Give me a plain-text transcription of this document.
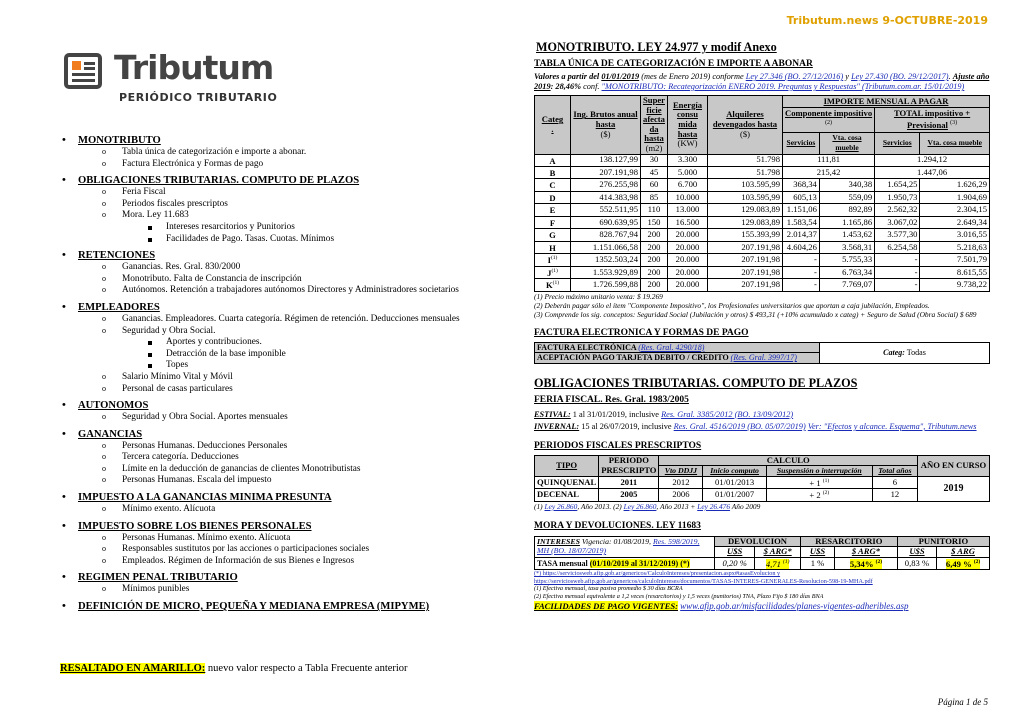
Tributum.news 9-OCTUBRE-2019
Tributum
PERIÓDICO TRIBUTARIO
• MONOTRIBUTO
o Tabla única de categorización e importe a abonar.
o Factura Electrónica y Formas de pago
• OBLIGACIONES TRIBUTARIAS. COMPUTO DE PLAZOS
o Feria Fiscal
o Periodos fiscales prescriptos
o Mora. Ley 11.683
Intereses resarcitorios y Punitorios
Facilidades de Pago. Tasas. Cuotas. Mínimos
• RETENCIONES
o Ganancias. Res. Gral. 830/2000
o Monotributo. Falta de Constancia de inscripción
o Autónomos. Retención a trabajadores autónomos Directores y Administradores societarios
• EMPLEADORES
o Ganancias. Empleadores. Cuarta categoría. Régimen de retención. Deducciones mensuales
o Seguridad y Obra Social.
Aportes y contribuciones.
Detracción de la base imponible
Topes
o Salario Mínimo Vital y Móvil
o Personal de casas particulares
• AUTONOMOS
o Seguridad y Obra Social. Aportes mensuales
• GANANCIAS
o Personas Humanas. Deducciones Personales
o Tercera categoría. Deducciones
o Límite en la deducción de ganancias de clientes Monotributistas
o Personas Humanas. Escala del impuesto
• IMPUESTO A LA GANANCIAS MINIMA PRESUNTA
o Mínimo exento. Alícuota
• IMPUESTO SOBRE LOS BIENES PERSONALES
o Personas Humanas. Mínimo exento. Alícuota
o Responsables sustitutos por las acciones o participaciones sociales
o Empleados. Régimen de Información de sus Bienes e Ingresos
• REGIMEN PENAL TRIBUTARIO
o Mínimos punibles
• DEFINICIÓN DE MICRO, PEQUEÑA Y MEDIANA EMPRESA (MIPYME)
RESALTADO EN AMARILLO: nuevo valor respecto a Tabla Frecuente anterior
MONOTRIBUTO. LEY 24.977 y modif Anexo
TABLA ÚNICA DE CATEGORIZACIÓN E IMPORTE A ABONAR
Valores a partir del 01/01/2019 (mes de Enero 2019) conforme Ley 27.346 (BO. 27/12/2016) y Ley 27.430 (BO. 29/12/2017). Ajuste año 2019: 28,46% conf. "MONOTRIBUTO: Recategorización ENERO 2019. Preguntas y Respuestas" (Tributum.com.ar. 15/01/2019)
Categ
.	Ing. Brutos anual hasta
($)	Super ficie afecta da hasta
(m2)	Energía consu mida hasta
(KW)	Alquileres devengados hasta ($)	IMPORTE MENSUAL A PAGAR			
					Componente impositivo $^{(2)}$		TOTAL impositivo + Previsional $^{(3)}$
					Servicios	Vta. cosa mueble	Servicios	Vta. cosa mueble
A	138.127,99	30	3.300	51.798	111,81		1.294,12	
B	207.191,98	45	5.000	51.798	215,42		1.447,06	
C	276.255,98	60	6.700	103.595,99	368,34	340,38	1.654,25	1.626,29
D	414.383,98	85	10.000	103.595,99	605,13	559,09	1.950,73	1.904,69
E	552.511,95	110	13.000	129.083,89	1.151,06	892,89	2.562,32	2.304,15
F	690.639,95	150	16.500	129.083,89	1.583,54	1.165,86	3.067,02	2.649,34
G	828.767,94	200	20.000	155.393,99	2.014,37	1.453,62	3.577,30	3.016,55
H	1.151.066,58	200	20.000	207.191,98	4.604,26	3.568,31	6.254,58	5.218,63
$I^{(1)}$	1352.503,24	200	20.000	207.191,98	-	5.755,33	-	7.501,79
$J^{(1)}$	1.553.929,89	200	20.000	207.191,98	-	6.763,34	-	8.615,55
$K^{(1)}$	1.726.599,88	200	20.000	207.191,98	-	7.769,07	-	9.738,22
(1) Precio máximo unitario venta: $ 19.269
(2) Deberán pagar sólo el ítem "Componente Impositivo", los Profesionales universitarios que aportan a caja jubilación, Empleados.
(3) Comprende los sig. conceptos: Seguridad Social (Jubilación y otros) $ 493,31 (+10% acumulado x categ) + Seguro de Salud (Obra Social) $ 689
FACTURA ELECTRONICA Y FORMAS DE PAGO
FACTURA ELECTRÓNICA (Res. Gral. 4290/18)	Categ: Todas
ACEPTACIÓN PAGO TARJETA DEBITO / CREDITO (Res. Gral. 3997/17)
OBLIGACIONES TRIBUTARIAS. COMPUTO DE PLAZOS
FERIA FISCAL. Res. Gral. 1983/2005
ESTIVAL: 1 al 31/01/2019, inclusive Res. Gral. 3385/2012 (BO. 13/09/2012)
INVERNAL: 15 al 26/07/2019, inclusive Res. Gral. 4516/2019 (BO. 05/07/2019) Ver: "Efectos y alcance. Esquema", Tributum.news
PERIODOS FISCALES PRESCRIPTOS
TIPO	PERIODO	CALCULO				AÑO EN CURSO
	PRESCRIPTO	Vto DDJJ	Inicio computo	Suspensión o interrupción	Total años	
QUINQUENAL	2011	2012	01/01/2013	+ 1 $^{(1)}$	6	2019
DECENAL	2005	2006	01/01/2007	+ 2 $^{(2)}$	12	
(1) Ley 26.860, Año 2013. (2) Ley 26.860, Año 2013 + Ley 26.476 Año 2009
MORA Y DEVOLUCIONES. LEY 11683
INTERESES Vigencia: 01/08/2019, Res. 598/2019, MH (BO. 18/07/2019)	DEVOLUCION		RESARCITORIO		PUNITORIO	
	U$S	$ ARG*	U$S	$ ARG*	U$S	$ ARG
TASA mensual (01/10/2019 al 31/12/2019) (*)	0,20 %	4,71 $^{(1)}$	1 %	5,34% $^{(2)}$	0,83 %	6,49 % $^{(2)}$
(*) https://serviciosweb.afip.gob.ar/genericos/CalculoIntereses/presentacion.aspx#tasasEvolucion y
https://serviciosweb.afip.gob.ar/genericos/calculoIntereses/documentos/TASAS-INTERES-GENERALES-Resolucion-598-19-MHA.pdf
(1) Efectiva mensual, tasa pasiva promedio $ 30 días BCRA
(2) Efectiva mensual equivalente a 1,2 veces (resarcitorios) y 1,5 veces (punitorios) TNA, Plazo Fijo $ 180 días BNA
FACILIDADES DE PAGO VIGENTES: www.afip.gob.ar/misfacilidades/planes-vigentes-adheribles.asp
Página 1 de 5
